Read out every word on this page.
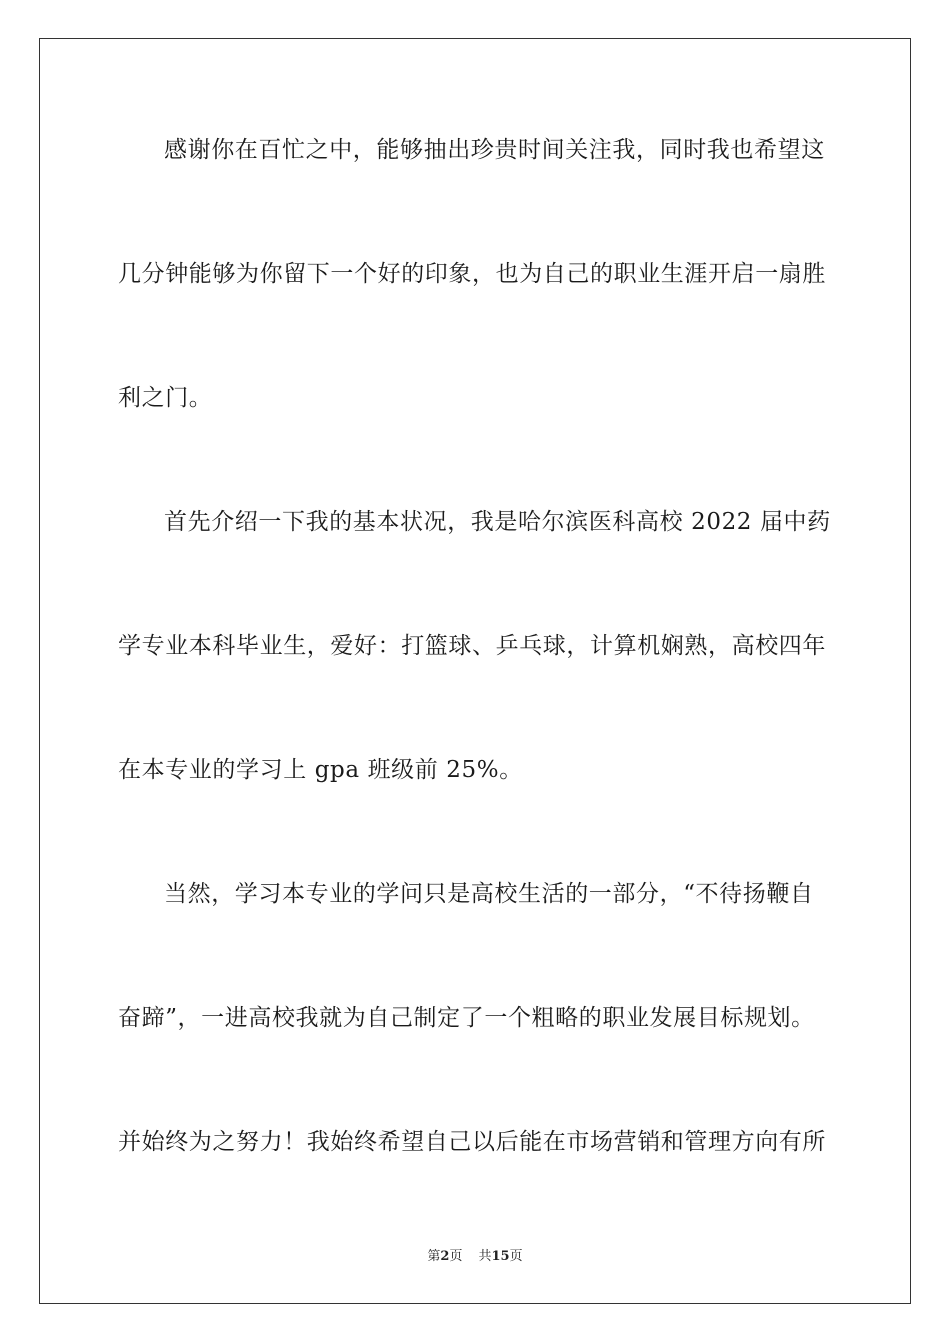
感谢你在百忙之中，能够抽出珍贵时间关注我，同时我也希望这
几分钟能够为你留下一个好的印象，也为自己的职业生涯开启一扇胜
利之门。
首先介绍一下我的基本状况，我是哈尔滨医科高校 2022 届中药
学专业本科毕业生，爱好：打篮球、乒乓球，计算机娴熟，高校四年
在本专业的学习上 gpa 班级前 25%。
当然，学习本专业的学问只是高校生活的一部分，“不待扬鞭自
奋蹄”，一进高校我就为自己制定了一个粗略的职业发展目标规划。
并始终为之努力！我始终希望自己以后能在市场营销和管理方向有所
第2页 共15页
